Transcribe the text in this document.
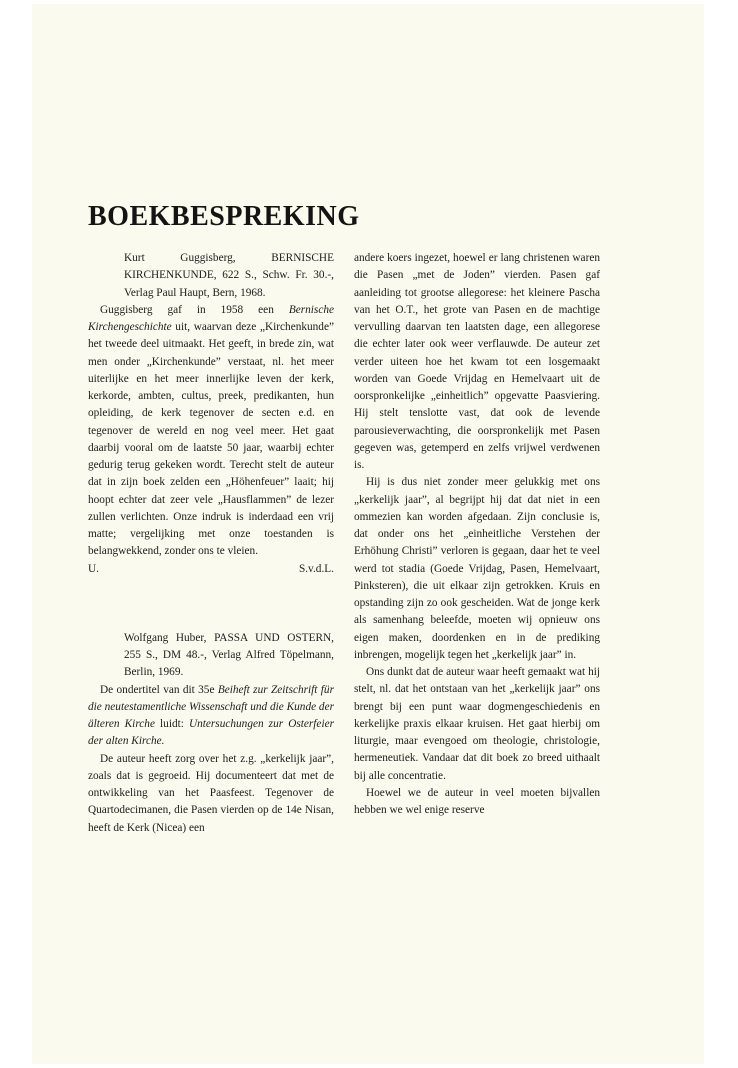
BOEKBESPREKING

Kurt Guggisberg, BERNISCHE KIRCHENKUNDE, 622 S., Schw. Fr. 30.-, Verlag Paul Haupt, Bern, 1968.

Guggisberg gaf in 1958 een Bernische Kirchengeschichte uit, waarvan deze „Kirchenkunde” het tweede deel uitmaakt. Het geeft, in brede zin, wat men onder „Kirchenkunde” verstaat, nl. het meer uiterlijke en het meer innerlijke leven der kerk, kerkorde, ambten, cultus, preek, predikanten, hun opleiding, de kerk tegenover de secten e.d. en tegenover de wereld en nog veel meer. Het gaat daarbij vooral om de laatste 50 jaar, waarbij echter gedurig terug gekeken wordt. Terecht stelt de auteur dat in zijn boek zelden een „Höhenfeuer” laait; hij hoopt echter dat zeer vele „Hausflammen” de lezer zullen verlichten. Onze indruk is inderdaad een vrij matte; vergelijking met onze toestanden is belangwekkend, zonder ons te vleien.

U.	S.v.d.L.

Wolfgang Huber, PASSA UND OSTERN, 255 S., DM 48.-, Verlag Alfred Töpelmann, Berlin, 1969.

De ondertitel van dit 35e Beiheft zur Zeitschrift für die neutestamentliche Wissenschaft und die Kunde der älteren Kirche luidt: Untersuchungen zur Osterfeier der alten Kirche.

De auteur heeft zorg over het z.g. „kerkelijk jaar”, zoals dat is gegroeid. Hij documenteert dat met de ontwikkeling van het Paasfeest. Tegenover de Quartodecimanen, die Pasen vierden op de 14e Nisan, heeft de Kerk (Nicea) een

andere koers ingezet, hoewel er lang christenen waren die Pasen „met de Joden” vierden. Pasen gaf aanleiding tot grootse allegorese: het kleinere Pascha van het O.T., het grote van Pasen en de machtige vervulling daarvan ten laatsten dage, een allegorese die echter later ook weer verflauwde. De auteur zet verder uiteen hoe het kwam tot een losgemaakt worden van Goede Vrijdag en Hemelvaart uit de oorspronkelijke „einheitlich” opgevatte Paasviering. Hij stelt tenslotte vast, dat ook de levende parousieverwachting, die oorspronkelijk met Pasen gegeven was, getemperd en zelfs vrijwel verdwenen is.

Hij is dus niet zonder meer gelukkig met ons „kerkelijk jaar”, al begrijpt hij dat dat niet in een ommezien kan worden afgedaan. Zijn conclusie is, dat onder ons het „einheitliche Verstehen der Erhöhung Christi” verloren is gegaan, daar het te veel werd tot stadia (Goede Vrijdag, Pasen, Hemelvaart, Pinksteren), die uit elkaar zijn getrokken. Kruis en opstanding zijn zo ook gescheiden. Wat de jonge kerk als samenhang beleefde, moeten wij opnieuw ons eigen maken, doordenken en in de prediking inbrengen, mogelijk tegen het „kerkelijk jaar” in.

Ons dunkt dat de auteur waar heeft gemaakt wat hij stelt, nl. dat het ontstaan van het „kerkelijk jaar” ons brengt bij een punt waar dogmengeschiedenis en kerkelijke praxis elkaar kruisen. Het gaat hierbij om liturgie, maar evengoed om theologie, christologie, hermeneutiek. Vandaar dat dit boek zo breed uithaalt bij alle concentratie.

Hoewel we de auteur in veel moeten bijvallen hebben we wel enige reserve
